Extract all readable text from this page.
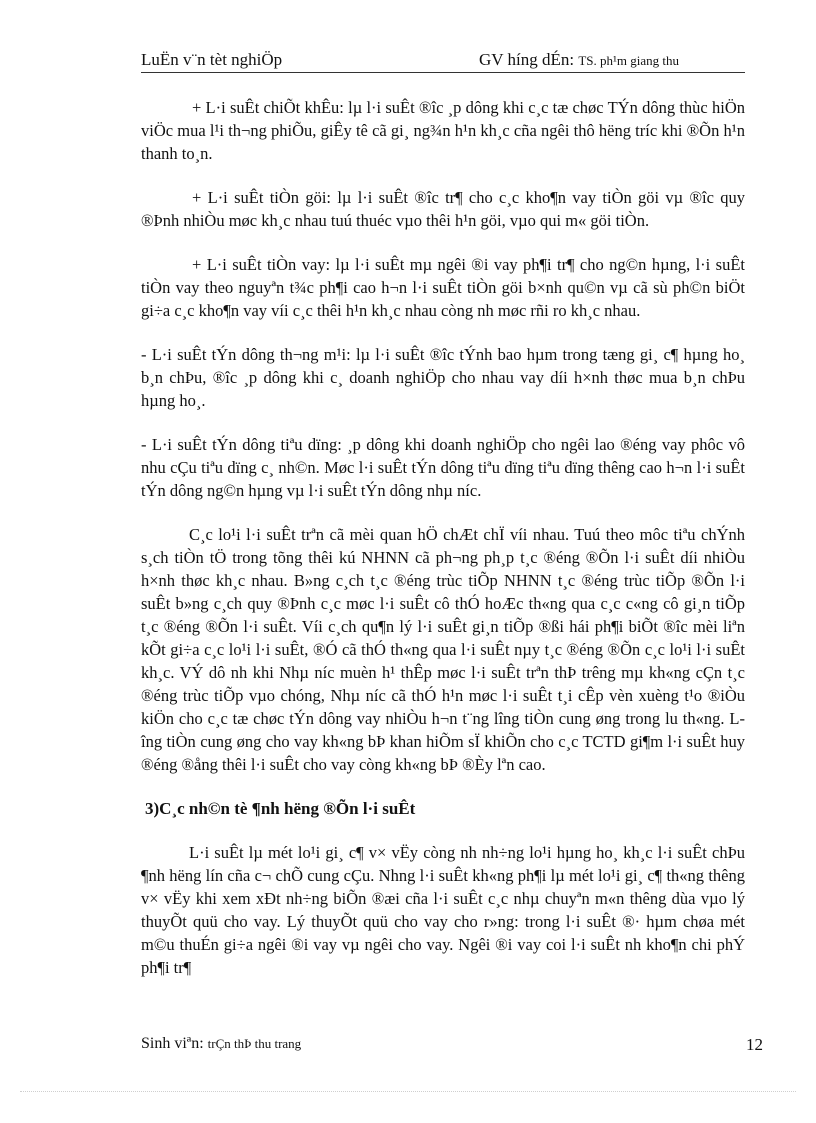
LuËn v¨n tèt nghiÖp	GV híng dÉn: TS. ph¹m giang thu

+ L·i suÊt chiÕt khÊu: lµ l·i suÊt ®îc ¸p dông khi c¸c tæ chøc TÝn dông thùc hiÖn viÖc mua l¹i th¬ng phiÕu, giÊy tê cã gi¸ ng¾n h¹n kh¸c cña ngêi thô hëng tríc khi ®Õn h¹n thanh to¸n.

+ L·i suÊt tiÒn göi: lµ l·i suÊt ®îc tr¶ cho c¸c kho¶n vay tiÒn göi vµ ®îc quy ®Þnh nhiÒu møc kh¸c nhau tuú thuéc vµo thêi h¹n göi, vµo qui m« göi tiÒn.

+ L·i suÊt tiÒn vay: lµ l·i suÊt mµ ngêi ®i vay ph¶i tr¶ cho ng©n hµng, l·i suÊt tiÒn vay theo nguyªn t¾c ph¶i cao h¬n l·i suÊt tiÒn göi b×nh qu©n vµ cã sù ph©n biÖt gi÷a c¸c kho¶n vay víi c¸c thêi h¹n kh¸c nhau còng nh møc rñi ro kh¸c nhau.

- L·i suÊt tÝn dông th¬ng m¹i: lµ l·i suÊt ®îc tÝnh bao hµm trong tæng gi¸ c¶ hµng ho¸ b¸n chÞu, ®îc ¸p dông khi c¸ doanh nghiÖp cho nhau vay díi h×nh thøc mua b¸n chÞu hµng ho¸.

- L·i suÊt tÝn dông tiªu dïng: ¸p dông khi doanh nghiÖp cho ngêi lao ®éng vay phôc vô nhu cÇu tiªu dïng c¸ nh©n. Møc l·i suÊt tÝn dông tiªu dïng tiªu dïng thêng cao h¬n l·i suÊt tÝn dông ng©n hµng vµ l·i suÊt tÝn dông nhµ níc.

C¸c lo¹i l·i suÊt trªn cã mèi quan hÖ chÆt chÏ víi nhau. Tuú theo môc tiªu chÝnh s¸ch tiÒn tÖ trong tõng thêi kú NHNN cã ph¬ng ph¸p t¸c ®éng ®Õn l·i suÊt díi nhiÒu h×nh thøc kh¸c nhau. B»ng c¸ch t¸c ®éng trùc tiÕp NHNN t¸c ®éng trùc tiÕp ®Õn l·i suÊt b»ng c¸ch quy ®Þnh c¸c møc l·i suÊt cô thÓ hoÆc th«ng qua c¸c c«ng cô gi¸n tiÕp t¸c ®éng ®Õn l·i suÊt. Víi c¸ch qu¶n lý l·i suÊt gi¸n tiÕp ®ßi hái ph¶i biÕt ®îc mèi liªn kÕt gi÷a c¸c lo¹i l·i suÊt, ®Ó cã thÓ th«ng qua l·i suÊt nµy t¸c ®éng ®Õn c¸c lo¹i l·i suÊt kh¸c. VÝ dô nh khi Nhµ níc muèn h¹ thÊp møc l·i suÊt trªn thÞ trêng mµ kh«ng cÇn t¸c ®éng trùc tiÕp vµo chóng, Nhµ níc cã thÓ h¹n møc l·i suÊt t¸i cÊp vèn xuèng t¹o ®iÒu kiÖn cho c¸c tæ chøc tÝn dông vay nhiÒu h¬n t¨ng lîng tiÒn cung øng trong lu th«ng. Lîng tiÒn cung øng cho vay kh«ng bÞ khan hiÕm sÏ khiÕn cho c¸c TCTD gi¶m l·i suÊt huy ®éng ®ång thêi l·i suÊt cho vay còng kh«ng bÞ ®Èy lªn cao.

3)C¸c nh©n tè ¶nh hëng ®Õn l·i suÊt

L·i suÊt lµ mét lo¹i gi¸ c¶ v× vËy còng nh nh÷ng lo¹i hµng ho¸ kh¸c l·i suÊt chÞu ¶nh hëng lín cña c¬ chÕ cung cÇu. Nhng l·i suÊt kh«ng ph¶i lµ mét lo¹i gi¸ c¶ th«ng thêng v× vËy khi xem xÐt nh÷ng biÕn ®æi cña l·i suÊt c¸c nhµ chuyªn m«n thêng dùa vµo lý thuyÕt quü cho vay. Lý thuyÕt quü cho vay cho r»ng: trong l·i suÊt ®· hµm chøa mét m©u thuÉn gi÷a ngêi ®i vay vµ ngêi cho vay. Ngêi ®i vay coi l·i suÊt nh kho¶n chi phÝ ph¶i tr¶

Sinh viªn: trÇn thÞ thu trang	12
